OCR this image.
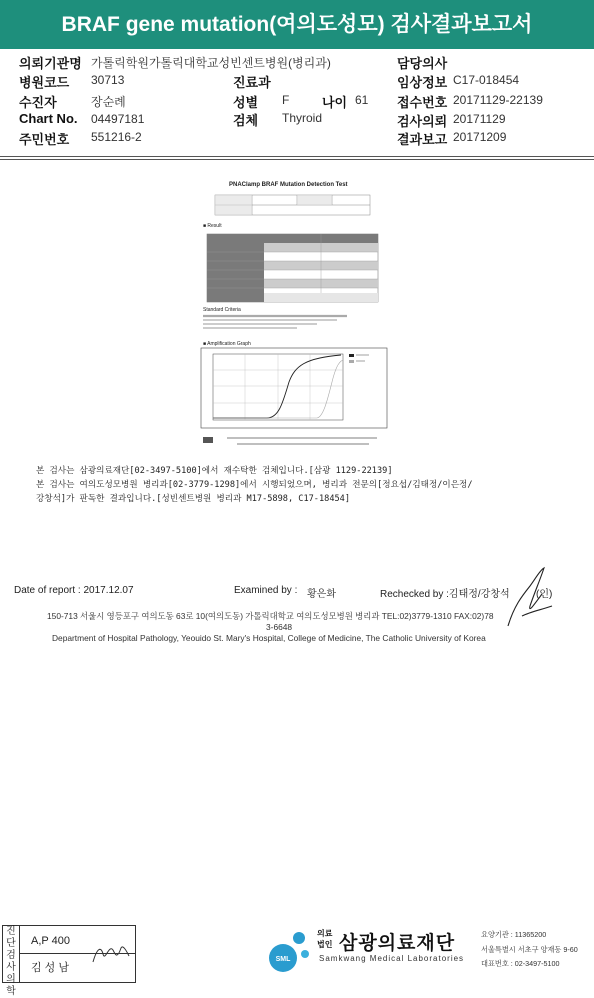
BRAF gene mutation(여의도성모) 검사결과보고서
의뢰기관명 가톨릭학원가톨릭대학교성빈센트병원(병리과)	담당의사
병원코드 30713	진료과	임상정보 C17-018454
수진자	장순례	성별 F	나이 61 접수번호 20171129-22139
Chart No. 04497181	검체 Thyroid	검사의뢰 20171129
주민번호 551216-2	결과보고 20171209
PNAClamp BRAF Mutation Detection Test
■ Result
Standard Criteria
■ Amplification Graph
본 검사는 삼광의료재단[02-3497-5100]에서 재수탁한 검체입니다.[삼광 1129-22139]
본 검사는 여의도성모병원 병리과[02-3779-1298]에서 시행되었으며, 병리과 전문의[정요섭/김태정/이은정/
강창석]가 판독한 결과입니다.[성빈센트병원 병리과 M17-5898, C17-18454]
Date of report : 2017.12.07	Examined by : 황은화	Rechecked by :김태정/강창석	(인)
150-713 서울시 영등포구 여의도동 63로 10(여의도동) 가톨릭대학교 여의도성모병원 병리과 TEL:02)3779-1310 FAX:02)78
3-6648
Department of Hospital Pathology, Yeouido St. Mary's Hospital, College of Medicine, The Catholic University of Korea
진단검사의학
A,P 400
김 성 남
SML
의료
법인 삼광의료재단
Samkwang Medical Laboratories
요양기관 : 11365200
서울특별시 서초구 양재동 9-60
대표번호 : 02-3497-5100
